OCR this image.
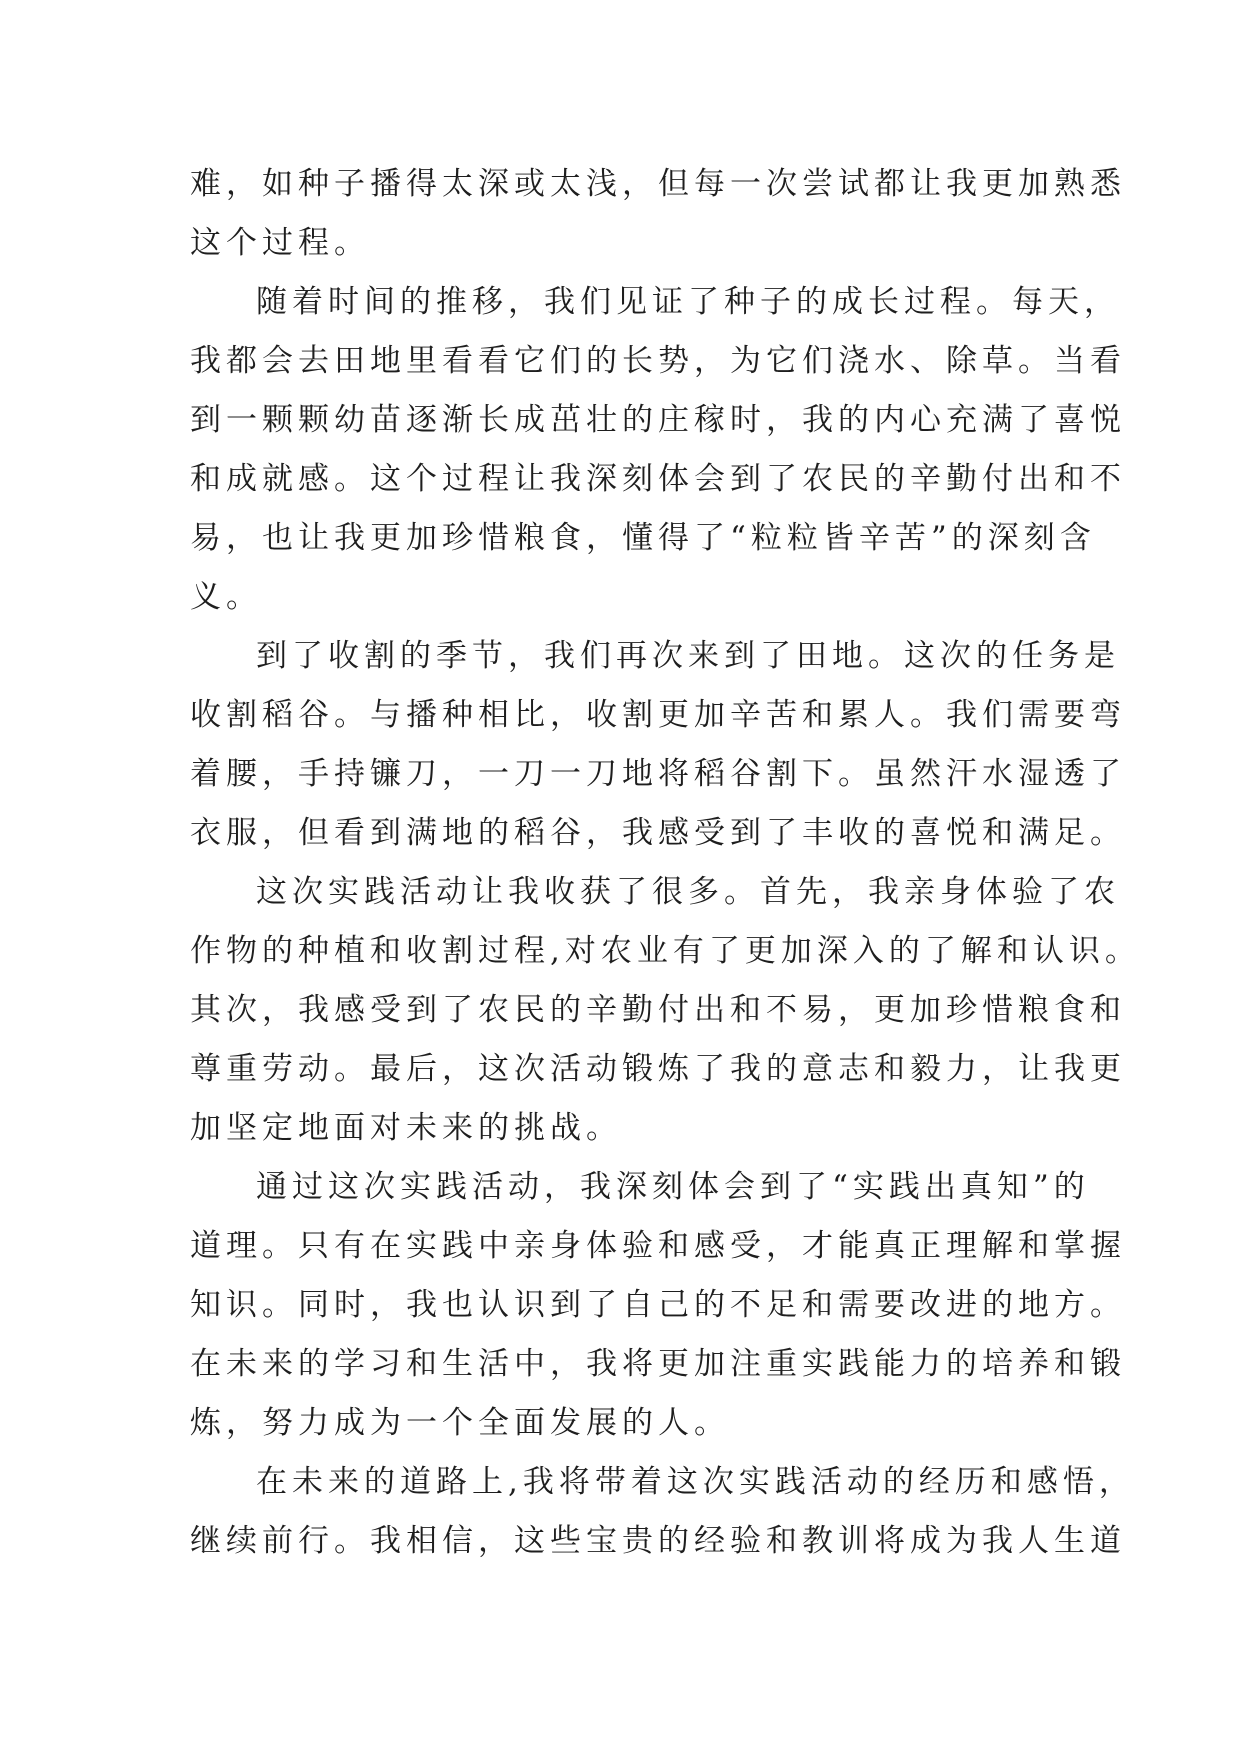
难，如种子播得太深或太浅，但每一次尝试都让我更加熟悉
这个过程。
随着时间的推移，我们见证了种子的成长过程。每天，
我都会去田地里看看它们的长势，为它们浇水、除草。当看
到一颗颗幼苗逐渐长成茁壮的庄稼时，我的内心充满了喜悦
和成就感。这个过程让我深刻体会到了农民的辛勤付出和不
易，也让我更加珍惜粮食，懂得了“粒粒皆辛苦”的深刻含
义。
到了收割的季节，我们再次来到了田地。这次的任务是
收割稻谷。与播种相比，收割更加辛苦和累人。我们需要弯
着腰，手持镰刀，一刀一刀地将稻谷割下。虽然汗水湿透了
衣服，但看到满地的稻谷，我感受到了丰收的喜悦和满足。
这次实践活动让我收获了很多。首先，我亲身体验了农
作物的种植和收割过程,对农业有了更加深入的了解和认识。
其次，我感受到了农民的辛勤付出和不易，更加珍惜粮食和
尊重劳动。最后，这次活动锻炼了我的意志和毅力，让我更
加坚定地面对未来的挑战。
通过这次实践活动，我深刻体会到了“实践出真知”的
道理。只有在实践中亲身体验和感受，才能真正理解和掌握
知识。同时，我也认识到了自己的不足和需要改进的地方。
在未来的学习和生活中，我将更加注重实践能力的培养和锻
炼，努力成为一个全面发展的人。
在未来的道路上,我将带着这次实践活动的经历和感悟，
继续前行。我相信，这些宝贵的经验和教训将成为我人生道
